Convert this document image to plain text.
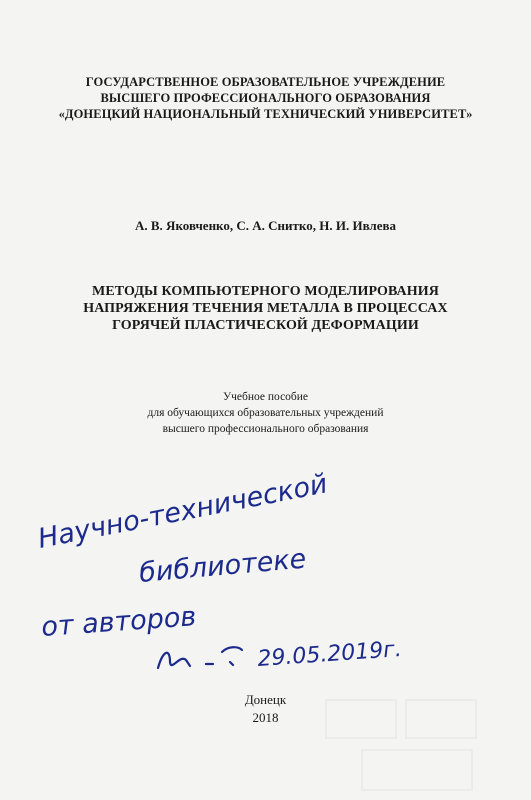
ГОСУДАРСТВЕННОЕ ОБРАЗОВАТЕЛЬНОЕ УЧРЕЖДЕНИЕ
ВЫСШЕГО ПРОФЕССИОНАЛЬНОГО ОБРАЗОВАНИЯ
«ДОНЕЦКИЙ НАЦИОНАЛЬНЫЙ ТЕХНИЧЕСКИЙ УНИВЕРСИТЕТ»
А. В. Яковченко, С. А. Снитко, Н. И. Ивлева
МЕТОДЫ КОМПЬЮТЕРНОГО МОДЕЛИРОВАНИЯ
НАПРЯЖЕНИЯ ТЕЧЕНИЯ МЕТАЛЛА В ПРОЦЕССАХ
ГОРЯЧЕЙ ПЛАСТИЧЕСКОЙ ДЕФОРМАЦИИ
Учебное пособие
для обучающихся образовательных учреждений
высшего профессионального образования
Научно-технической
библиотеке
от авторов
29.05.2019г.
Донецк
2018
